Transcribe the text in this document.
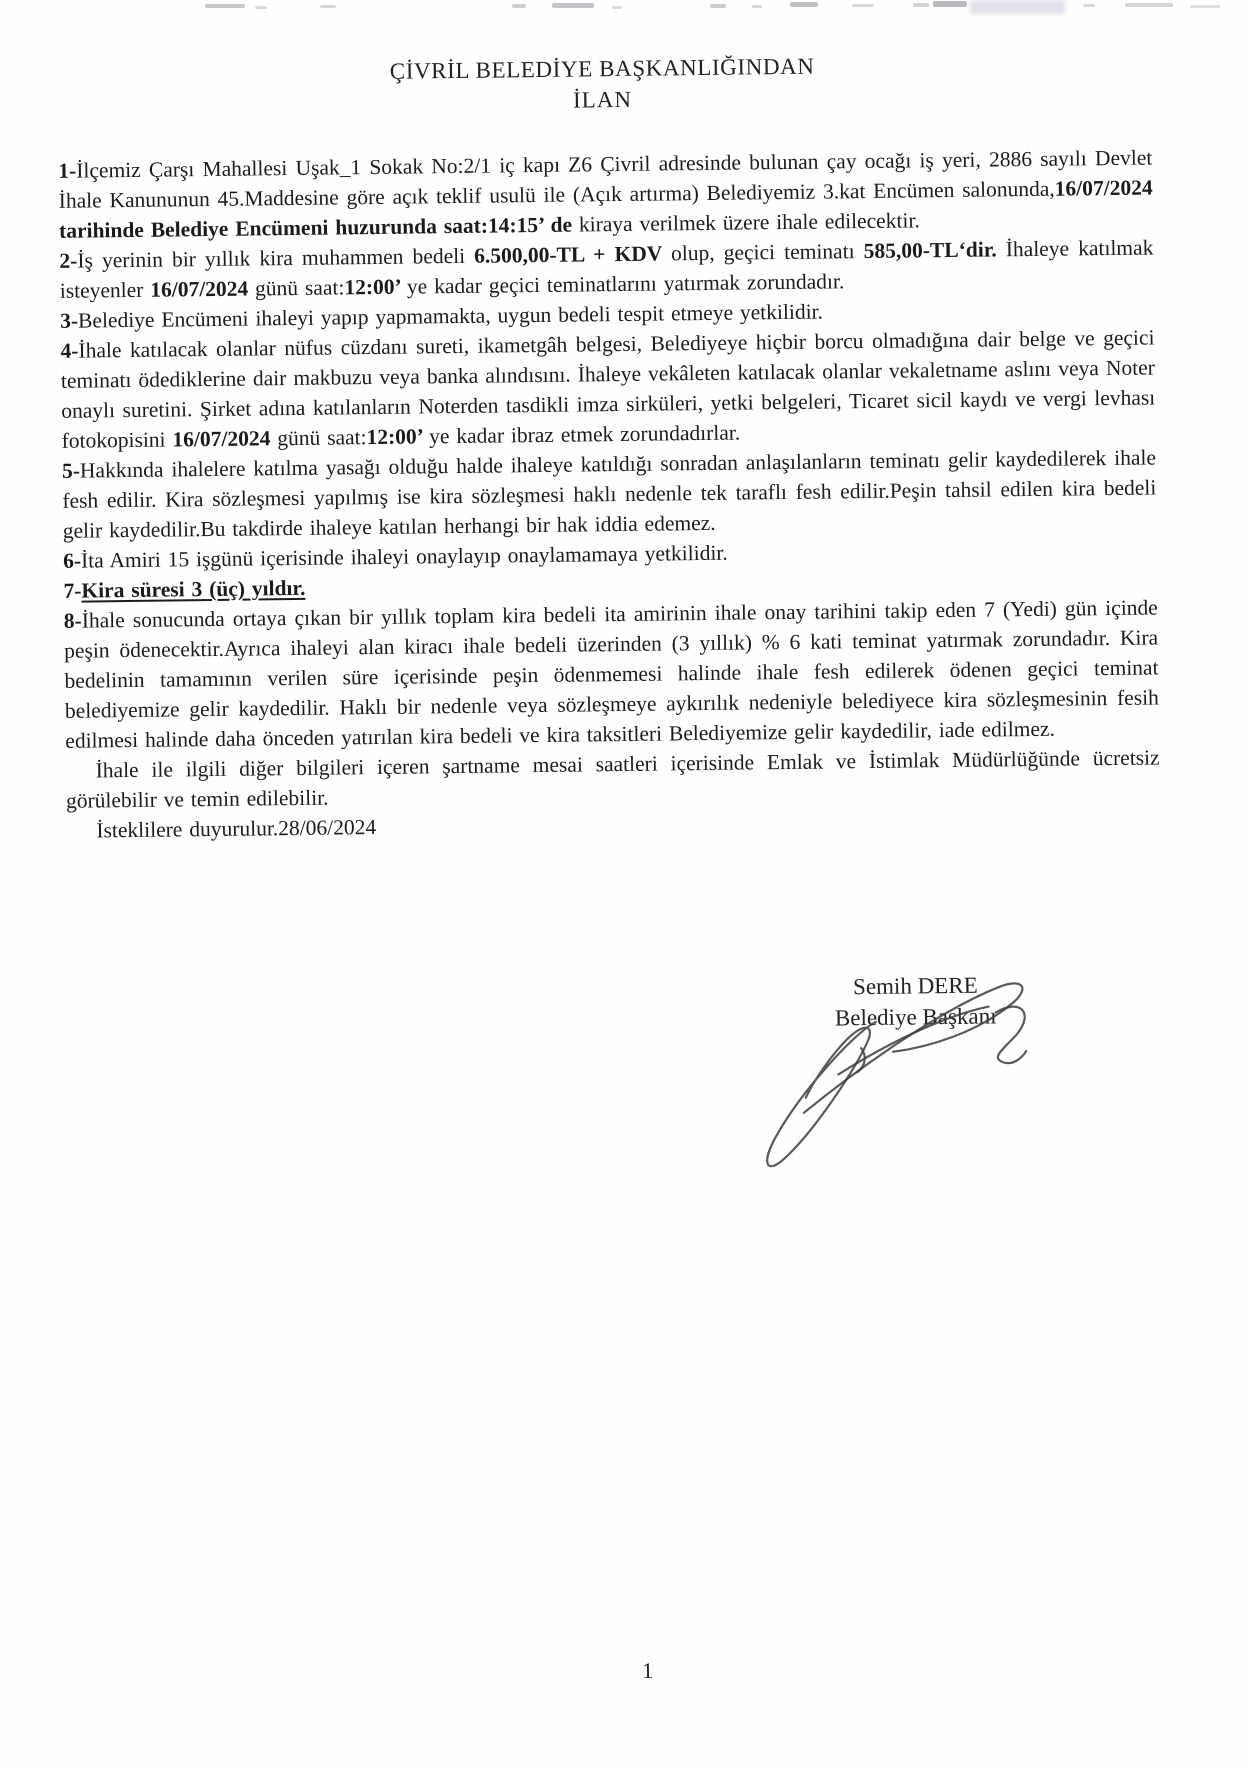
ÇİVRİL BELEDİYE BAŞKANLIĞINDAN
İLAN

1-İlçemiz Çarşı Mahallesi Uşak_1 Sokak No:2/1 iç kapı Z6 Çivril adresinde bulunan çay ocağı iş yeri, 2886 sayılı Devlet İhale Kanununun 45.Maddesine göre açık teklif usulü ile (Açık artırma) Belediyemiz 3.kat Encümen salonunda,16/07/2024 tarihinde Belediye Encümeni huzurunda saat:14:15’ de kiraya verilmek üzere ihale edilecektir.

2-İş yerinin bir yıllık kira muhammen bedeli 6.500,00-TL + KDV olup, geçici teminatı 585,00-TL‘dir. İhaleye katılmak isteyenler 16/07/2024 günü saat:12:00’ ye kadar geçici teminatlarını yatırmak zorundadır.

3-Belediye Encümeni ihaleyi yapıp yapmamakta, uygun bedeli tespit etmeye yetkilidir.

4-İhale katılacak olanlar nüfus cüzdanı sureti, ikametgâh belgesi, Belediyeye hiçbir borcu olmadığına dair belge ve geçici teminatı ödediklerine dair makbuzu veya banka alındısını. İhaleye vekâleten katılacak olanlar vekaletname aslını veya Noter onaylı suretini. Şirket adına katılanların Noterden tasdikli imza sirküleri, yetki belgeleri, Ticaret sicil kaydı ve vergi levhası fotokopisini 16/07/2024 günü saat:12:00’ ye kadar ibraz etmek zorundadırlar.

5-Hakkında ihalelere katılma yasağı olduğu halde ihaleye katıldığı sonradan anlaşılanların teminatı gelir kaydedilerek ihale fesh edilir. Kira sözleşmesi yapılmış ise kira sözleşmesi haklı nedenle tek taraflı fesh edilir.Peşin tahsil edilen kira bedeli gelir kaydedilir.Bu takdirde ihaleye katılan herhangi bir hak iddia edemez.

6-İta Amiri 15 işgünü içerisinde ihaleyi onaylayıp onaylamamaya yetkilidir.

7-Kira süresi 3 (üç) yıldır.

8-İhale sonucunda ortaya çıkan bir yıllık toplam kira bedeli ita amirinin ihale onay tarihini takip eden 7 (Yedi) gün içinde peşin ödenecektir.Ayrıca ihaleyi alan kiracı ihale bedeli üzerinden (3 yıllık) % 6 kati teminat yatırmak zorundadır. Kira bedelinin tamamının verilen süre içerisinde peşin ödenmemesi halinde ihale fesh edilerek ödenen geçici teminat belediyemize gelir kaydedilir. Haklı bir nedenle veya sözleşmeye aykırılık nedeniyle belediyece kira sözleşmesinin fesih edilmesi halinde daha önceden yatırılan kira bedeli ve kira taksitleri Belediyemize gelir kaydedilir, iade edilmez.

İhale ile ilgili diğer bilgileri içeren şartname mesai saatleri içerisinde Emlak ve İstimlak Müdürlüğünde ücretsiz görülebilir ve temin edilebilir.

İsteklilere duyurulur.28/06/2024

Semih DERE
Belediye Başkanı
1
